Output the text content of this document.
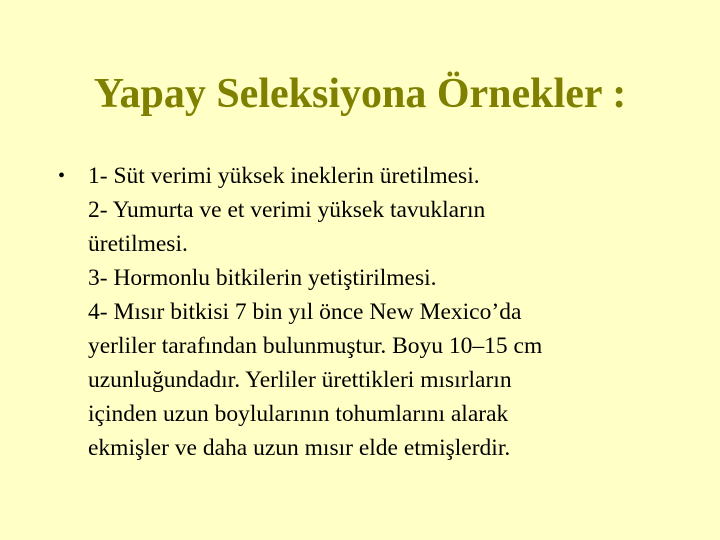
Yapay Seleksiyona Örnekler :
• 1- Süt verimi yüksek ineklerin üretilmesi.
2- Yumurta ve et verimi yüksek tavukların
üretilmesi.
3- Hormonlu bitkilerin yetiştirilmesi.
4- Mısır bitkisi 7 bin yıl önce New Mexico’da
yerliler tarafından bulunmuştur. Boyu 10–15 cm
uzunluğundadır. Yerliler ürettikleri mısırların
içinden uzun boylularının tohumlarını alarak
ekmişler ve daha uzun mısır elde etmişlerdir.
